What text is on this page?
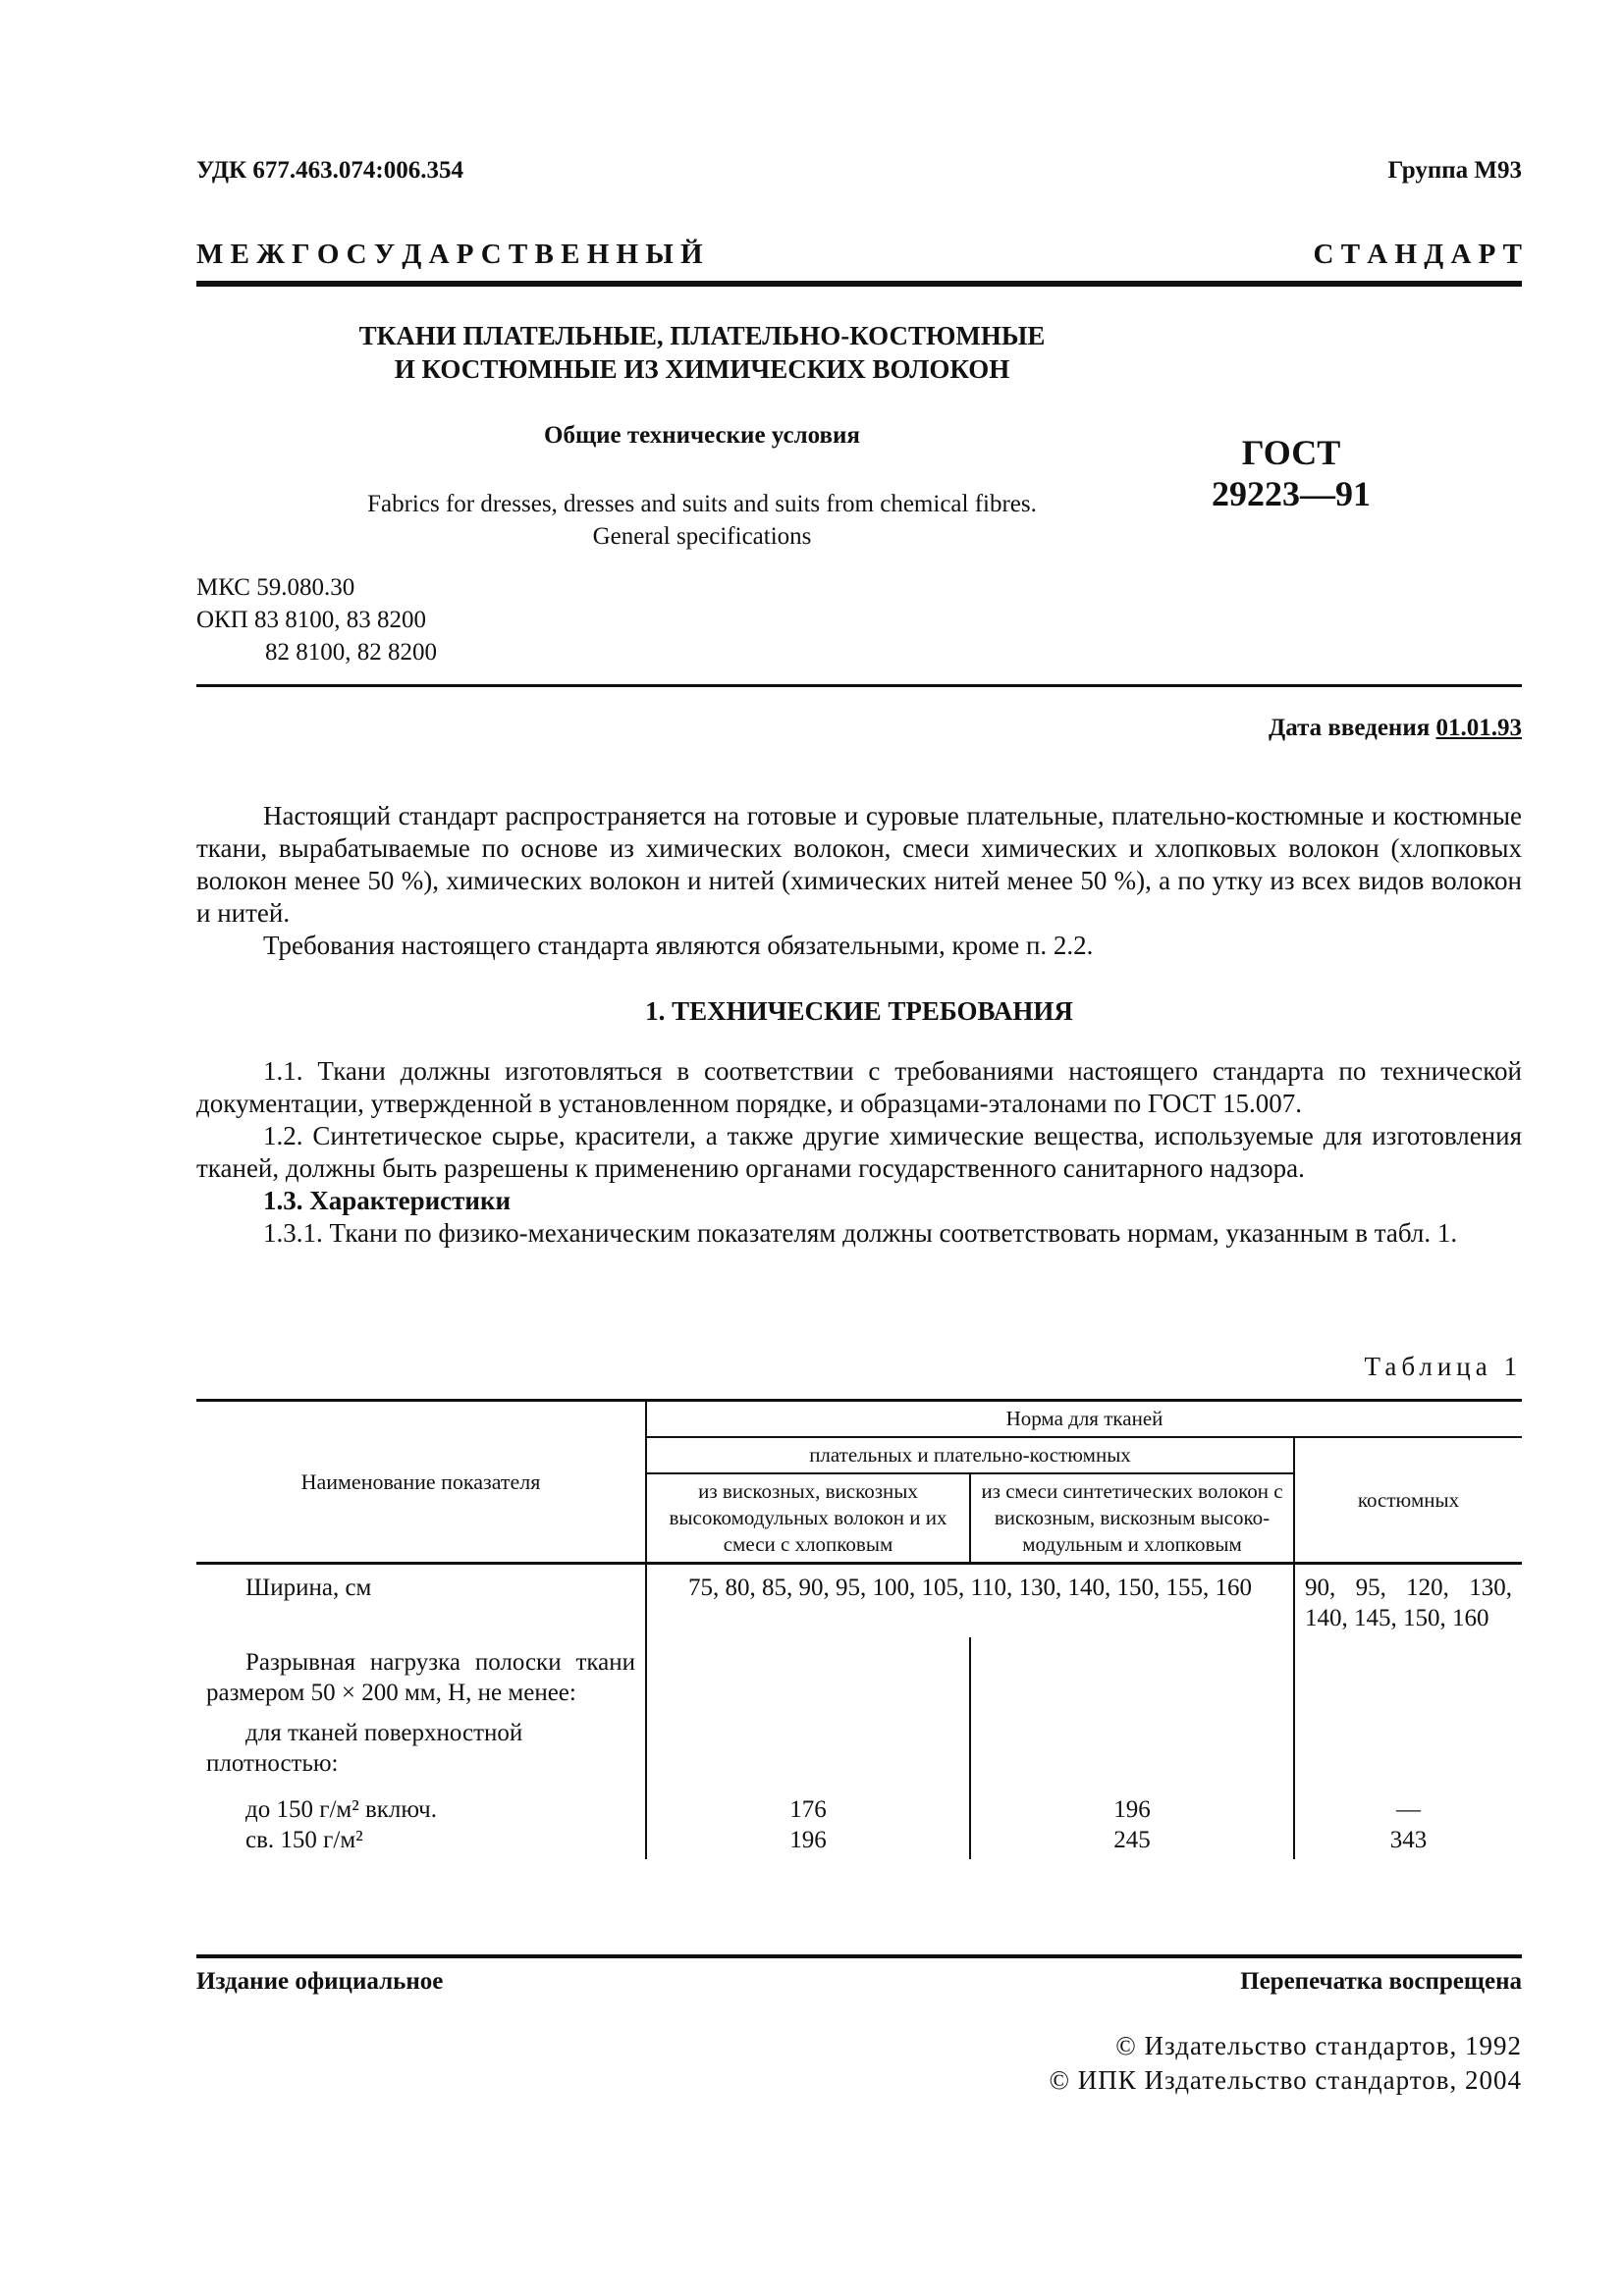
УДК 677.463.074:006.354	Группа М93
М Е Ж Г О С У Д А Р С Т В Е Н Н Ы Й	С Т А Н Д А Р Т
ТКАНИ ПЛАТЕЛЬНЫЕ, ПЛАТЕЛЬНО-КОСТЮМНЫЕ
И КОСТЮМНЫЕ ИЗ ХИМИЧЕСКИХ ВОЛОКОН
Общие технические условия
Fabrics for dresses, dresses and suits and suits from chemical fibres.
General specifications
ГОСТ
29223—91
МКС 59.080.30
ОКП 83 8100, 83 8200
82 8100, 82 8200
Дата введения 01.01.93

Настоящий стандарт распространяется на готовые и суровые плательные, плательно-костюмные и костюмные ткани, вырабатываемые по основе из химических волокон, смеси химических и хлопковых волокон (хлопковых волокон менее 50 %), химических волокон и нитей (химических нитей менее 50 %), а по утку из всех видов волокон и нитей.

Требования настоящего стандарта являются обязательными, кроме п. 2.2.

1. ТЕХНИЧЕСКИЕ ТРЕБОВАНИЯ

1.1. Ткани должны изготовляться в соответствии с требованиями настоящего стандарта по технической документации, утвержденной в установленном порядке, и образцами-эталонами по ГОСТ 15.007.

1.2. Синтетическое сырье, красители, а также другие химические вещества, используемые для изготовления тканей, должны быть разрешены к применению органами государственного санитарного надзора.

1.3. Характеристики

1.3.1. Ткани по физико-механическим показателям должны соответствовать нормам, указанным в табл. 1.

Таблица 1
Наименование показателя	Норма для тканей		
	плательных и плательно-костюмных		костюмных
	из вискозных, вискозных высокомодульных волокон и их смеси с хлопковым	из смеси синтетических волокон с вискозным, вискозным высоко-модульным и хлопковым	
Ширина, см	75, 80, 85, 90, 95, 100, 105, 110, 130, 140, 150, 155, 160		90, 95, 120, 130, 140, 145, 150, 160
Разрывная нагрузка полоски ткани размером 50 × 200 мм, Н, не менее:			
для тканей поверхностной плотностью:			
до 150 г/м² включ.	176	196	—
св. 150 г/м²	196	245	343
Издание официальное	Перепечатка воспрещена
© Издательство стандартов, 1992
© ИПК Издательство стандартов, 2004
